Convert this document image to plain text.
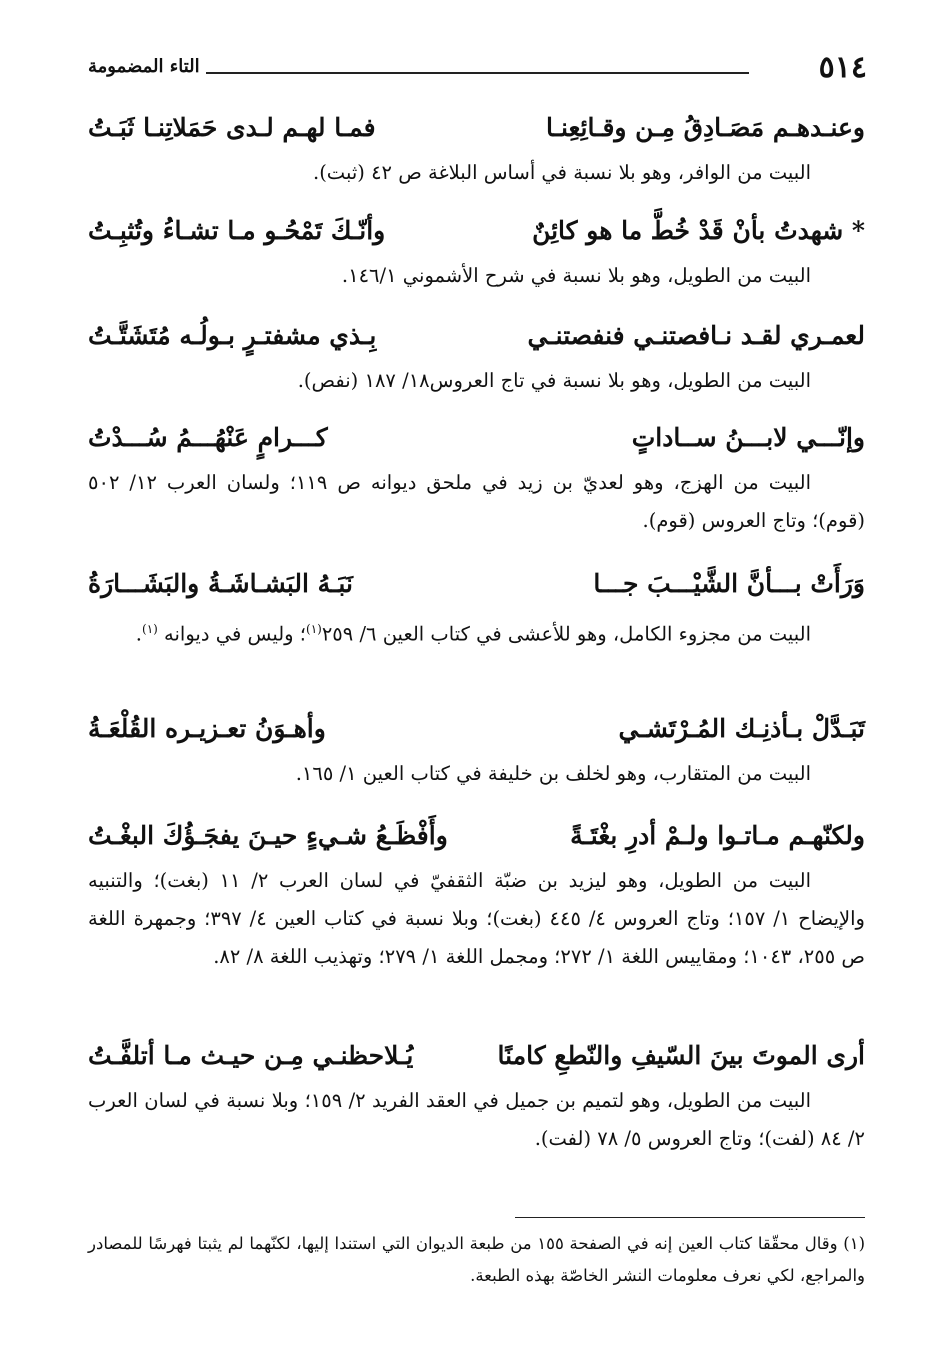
٥١٤
التاء المضمومة
وعنـدهـم مَصَـادِقُ مِـن وقـائِعِنـا
فمـا لهـم لـدى حَمَلاتِنـا ثَبَـتُ

البيت من الوافر، وهو بلا نسبة في أساس البلاغة ص ٤٢ (ثبت).

* شهدتُ بأنْ قَدْ خُطَّ ما هو كائِنٌ
وأنّـكَ تَمْحُـو مـا تشـاءُ وتُثبِـتُ

البيت من الطويل، وهو بلا نسبة في شرح الأشموني ١٤٦/١.

لعمـري لقـد نـافصتنـي فنفصتنـي
بِـذي مشفتـرٍ بـولُـه مُتَشَتَّـتُ

البيت من الطويل، وهو بلا نسبة في تاج العروس١٨/ ١٨٧ (نفص).

وإنّـــي لابـــنُ ســاداتٍ
كـــرامٍ عَنْهُـــمُ سُـــدْتُ

البيت من الهزج، وهو لعديّ بن زيد في ملحق ديوانه ص ١١٩؛ ولسان العرب ١٢/ ٥٠٢ (قوم)؛ وتاج العروس (قوم).

وَرَأَتْ بـــأنَّ الشَّيْـــبَ جـــا
نَبَـهُ البَشـاشَـةُ والبَشَـــارَةُ

البيت من مجزوء الكامل، وهو للأعشى في كتاب العين ٦/ ٢٥٩$^{(١)}$؛ وليس في ديوانه $^{(١)}$.

تَبَـدَّلْ بـأذنِـك المُـرْتَشـي
وأهـوَنُ تعـزيـره القُلْعَـةُ

البيت من المتقارب، وهو لخلف بن خليفة في كتاب العين ١/ ١٦٥.

ولكنّهـم مـاتـوا ولـمْ أدرِ بغْتَـةً
وأَفْظَـعُ شـيءٍ حيـنَ يفجَـؤُكَ البغْـتُ

البيت من الطويل، وهو ليزيد بن ضبّة الثقفيّ في لسان العرب ٢/ ١١ (بغت)؛ والتنبيه والإيضاح ١/ ١٥٧؛ وتاج العروس ٤/ ٤٤٥ (بغت)؛ وبلا نسبة في كتاب العين ٤/ ٣٩٧؛ وجمهرة اللغة ص ٢٥٥، ١٠٤٣؛ ومقاييس اللغة ١/ ٢٧٢؛ ومجمل اللغة ١/ ٢٧٩؛ وتهذيب اللغة ٨/ ٨٢.

أرى الموتَ بينَ السّيفِ والنّطعِ كامنًا
يُـلاحظنـي مِـن حيـث مـا أتلفَّـتُ

البيت من الطويل، وهو لتميم بن جميل في العقد الفريد ٢/ ١٥٩؛ وبلا نسبة في لسان العرب ٢/ ٨٤ (لفت)؛ وتاج العروس ٥/ ٧٨ (لفت).

(١) وقال محقّقا كتاب العين إنه في الصفحة ١٥٥ من طبعة الديوان التي استندا إليها، لكنّهما لم يثبتا فهرسًا للمصادر والمراجع، لكي نعرف معلومات النشر الخاصّة بهذه الطبعة.
